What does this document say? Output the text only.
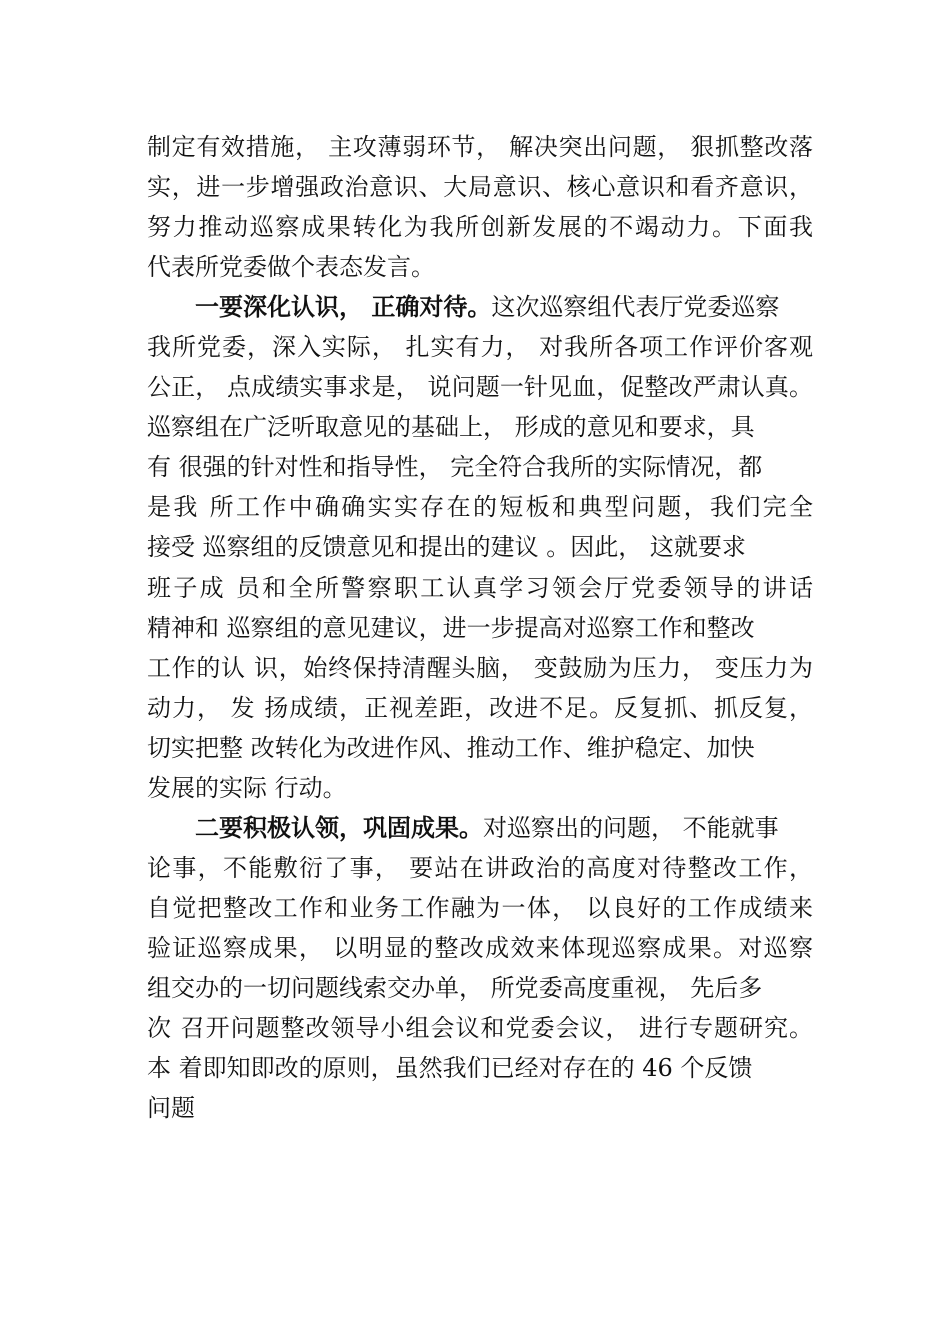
制定有效措施， 主攻薄弱环节， 解决突出问题， 狠抓整改落
实，进一步增强政治意识、大局意识、核心意识和看齐意识，
努力推动巡察成果转化为我所创新发展的不竭动力。下面我
代表所党委做个表态发言。
一要深化认识， 正确对待。这次巡察组代表厅党委巡察
我所党委，深入实际， 扎实有力， 对我所各项工作评价客观
公正， 点成绩实事求是， 说问题一针见血，促整改严肃认真。
巡察组在广泛听取意见的基础上， 形成的意见和要求，具
有 很强的针对性和指导性， 完全符合我所的实际情况，都
是我 所工作中确确实实存在的短板和典型问题，我们完全
接受 巡察组的反馈意见和提出的建议 。因此， 这就要求
班子成 员和全所警察职工认真学习领会厅党委领导的讲话
精神和 巡察组的意见建议，进一步提高对巡察工作和整改
工作的认 识，始终保持清醒头脑， 变鼓励为压力， 变压力为
动力， 发 扬成绩，正视差距，改进不足。反复抓、抓反复，
切实把整 改转化为改进作风、推动工作、维护稳定、加快
发展的实际 行动。
二要积极认领，巩固成果。对巡察出的问题， 不能就事
论事，不能敷衍了事， 要站在讲政治的高度对待整改工作，
自觉把整改工作和业务工作融为一体， 以良好的工作成绩来
验证巡察成果， 以明显的整改成效来体现巡察成果。对巡察
组交办的一切问题线索交办单， 所党委高度重视， 先后多
次 召开问题整改领导小组会议和党委会议， 进行专题研究。
本 着即知即改的原则，虽然我们已经对存在的 46 个反馈
问题
